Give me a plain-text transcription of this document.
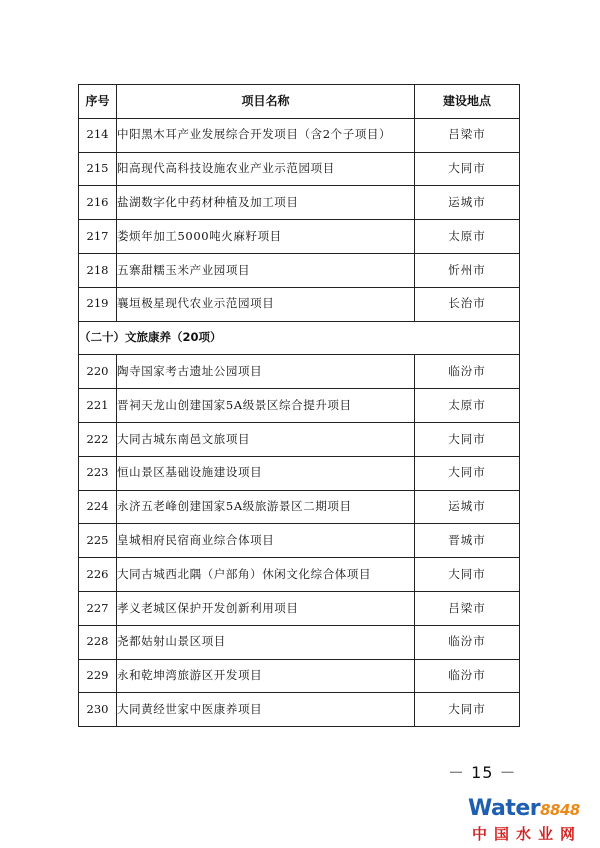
序号	项目名称	建设地点
214	中阳黑木耳产业发展综合开发项目（含2个子项目）	吕梁市
215	阳高现代高科技设施农业产业示范园项目	大同市
216	盐湖数字化中药材种植及加工项目	运城市
217	娄烦年加工5000吨火麻籽项目	太原市
218	五寨甜糯玉米产业园项目	忻州市
219	襄垣极星现代农业示范园项目	长治市
（二十）文旅康养（20项）		
220	陶寺国家考古遗址公园项目	临汾市
221	晋祠天龙山创建国家5A级景区综合提升项目	太原市
222	大同古城东南邑文旅项目	大同市
223	恒山景区基础设施建设项目	大同市
224	永济五老峰创建国家5A级旅游景区二期项目	运城市
225	皇城相府民宿商业综合体项目	晋城市
226	大同古城西北隅（户部角）休闲文化综合体项目	大同市
227	孝义老城区保护开发创新利用项目	吕梁市
228	尧都姑射山景区项目	临汾市
229	永和乾坤湾旅游区开发项目	临汾市
230	大同黄经世家中医康养项目	大同市
－ 15 －
Water8848
中国水业网
